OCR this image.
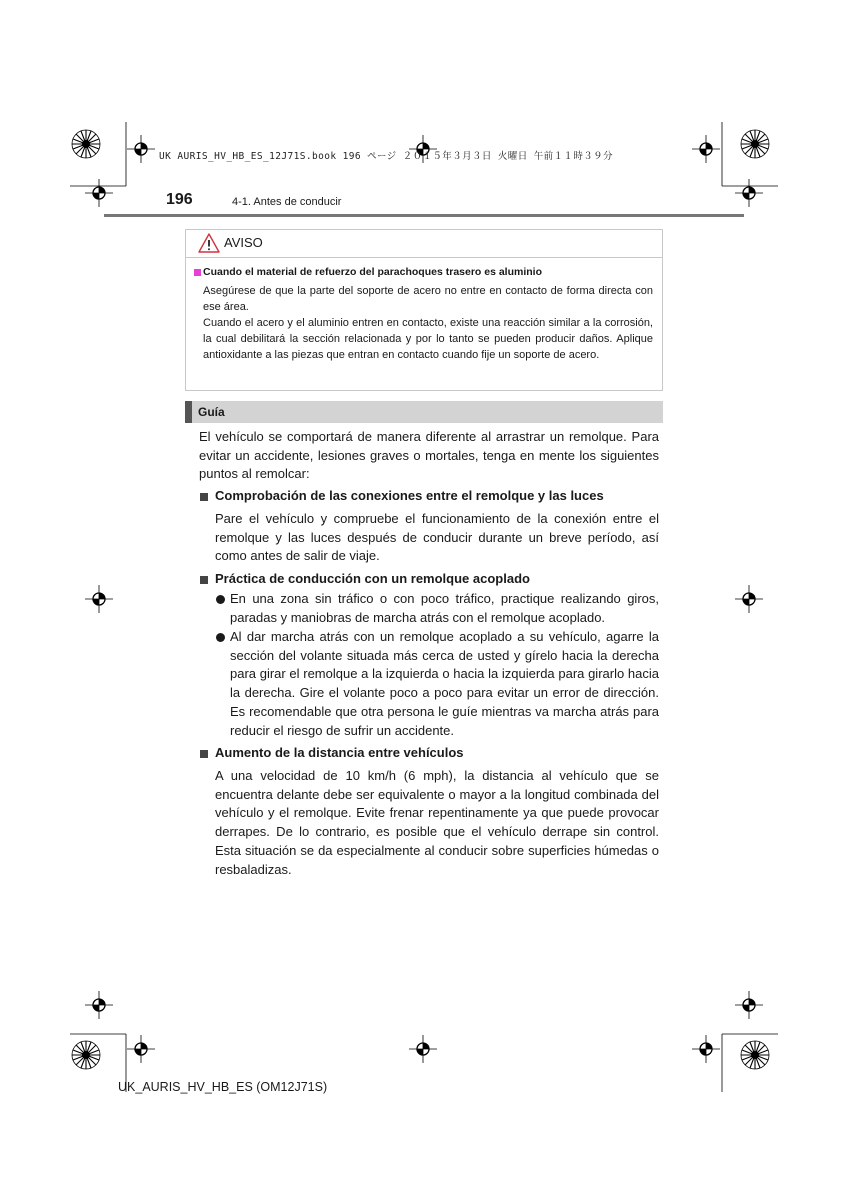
UK AURIS_HV_HB_ES_12J71S.book 196 ページ ２０１５年３月３日 火曜日 午前１１時３９分
196	4-1. Antes de conducir
AVISO
Cuando el material de refuerzo del parachoques trasero es aluminio

Asegúrese de que la parte del soporte de acero no entre en contacto de forma directa con ese área.

Cuando el acero y el aluminio entren en contacto, existe una reacción similar a la corrosión, la cual debilitará la sección relacionada y por lo tanto se pueden producir daños. Aplique antioxidante a las piezas que entran en contacto cuando fije un soporte de acero.

Guía
El vehículo se comportará de manera diferente al arrastrar un remolque. Para evitar un accidente, lesiones graves o mortales, tenga en mente los siguientes puntos al remolcar:
Comprobación de las conexiones entre el remolque y las luces
Pare el vehículo y compruebe el funcionamiento de la conexión entre el remolque y las luces después de conducir durante un breve período, así como antes de salir de viaje.
Práctica de conducción con un remolque acoplado
En una zona sin tráfico o con poco tráfico, practique realizando giros, paradas y maniobras de marcha atrás con el remolque acoplado.
Al dar marcha atrás con un remolque acoplado a su vehículo, agarre la sección del volante situada más cerca de usted y gírelo hacia la derecha para girar el remolque a la izquierda o hacia la izquierda para girarlo hacia la derecha. Gire el volante poco a poco para evitar un error de dirección. Es recomendable que otra persona le guíe mientras va marcha atrás para reducir el riesgo de sufrir un accidente.
Aumento de la distancia entre vehículos
A una velocidad de 10 km/h (6 mph), la distancia al vehículo que se encuentra delante debe ser equivalente o mayor a la longitud combinada del vehículo y el remolque. Evite frenar repentinamente ya que puede provocar derrapes. De lo contrario, es posible que el vehículo derrape sin control. Esta situación se da especialmente al conducir sobre superficies húmedas o resbaladizas.
UK_AURIS_HV_HB_ES (OM12J71S)
